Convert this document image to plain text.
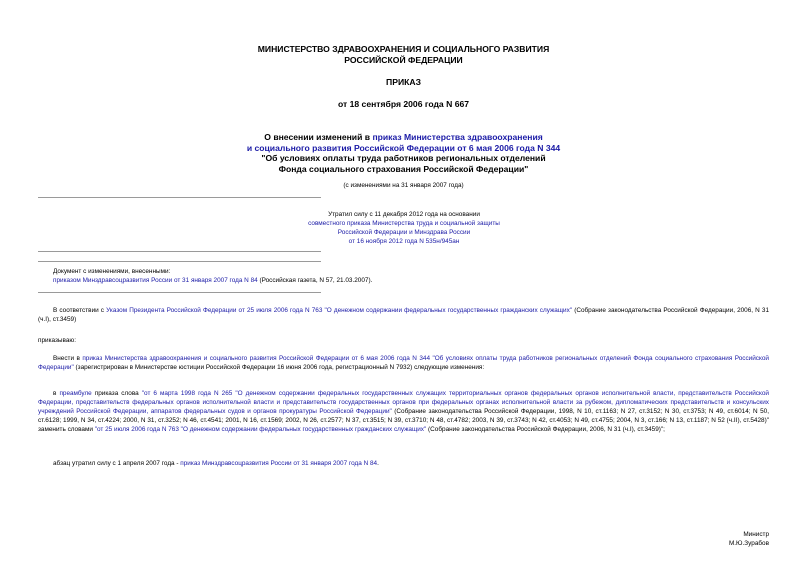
МИНИСТЕРСТВО ЗДРАВООХРАНЕНИЯ И СОЦИАЛЬНОГО РАЗВИТИЯ
РОССИЙСКОЙ ФЕДЕРАЦИИ
ПРИКАЗ
от 18 сентября 2006 года N 667
О внесении изменений в приказ Министерства здравоохранения
и социального развития Российской Федерации от 6 мая 2006 года N 344
"Об условиях оплаты труда работников региональных отделений
Фонда социального страхования Российской Федерации"
(с изменениями на 31 января 2007 года)
Утратил силу с 11 декабря 2012 года на основании
совместного приказа Министерства труда и социальной защиты
Российской Федерации и Минздрава России
от 16 ноября 2012 года N 535н/945ан
Документ с изменениями, внесенными:
приказом Минздравсоцразвития России от 31 января 2007 года N 84 (Российская газета, N 57, 21.03.2007).
В соответствии с Указом Президента Российской Федерации от 25 июля 2006 года N 763 "О денежном содержании федеральных государственных гражданских служащих" (Собрание законодательства Российской Федерации, 2006, N 31 (ч.I), ст.3459)
приказываю:
Внести в приказ Министерства здравоохранения и социального развития Российской Федерации от 6 мая 2006 года N 344 "Об условиях оплаты труда работников региональных отделений Фонда социального страхования Российской Федерации" (зарегистрирован в Министерстве юстиции Российской Федерации 16 июня 2006 года, регистрационный N 7932) следующие изменения:
в преамбуле приказа слова "от 6 марта 1998 года N 265 "О денежном содержании федеральных государственных служащих территориальных органов федеральных органов исполнительной власти, представительств Российской Федерации, представительств федеральных органов исполнительной власти и представительств государственных органов при федеральных органах исполнительной власти за рубежом, дипломатических представительств и консульских учреждений Российской Федерации, аппаратов федеральных судов и органов прокуратуры Российской Федерации" (Собрание законодательства Российской Федерации, 1998, N 10, ст.1163; N 27, ст.3152; N 30, ст.3753; N 49, ст.6014; N 50, ст.6128; 1999, N 34, ст.4224; 2000, N 31, ст.3252; N 46, ст.4541; 2001, N 16, ст.1569; 2002, N 26, ст.2577; N 37, ст.3515; N 39, ст.3710; N 48, ст.4782; 2003, N 39, ст.3743; N 42, ст.4053; N 49, ст.4755; 2004, N 3, ст.166; N 13, ст.1187; N 52 (ч.II), ст.5428)" заменить словами "от 25 июля 2006 года N 763 "О денежном содержании федеральных государственных гражданских служащих" (Собрание законодательства Российской Федерации, 2006, N 31 (ч.I), ст.3459)";
абзац утратил силу с 1 апреля 2007 года - приказ Минздравсоцразвития России от 31 января 2007 года N 84.
Министр
М.Ю.Зурабов
